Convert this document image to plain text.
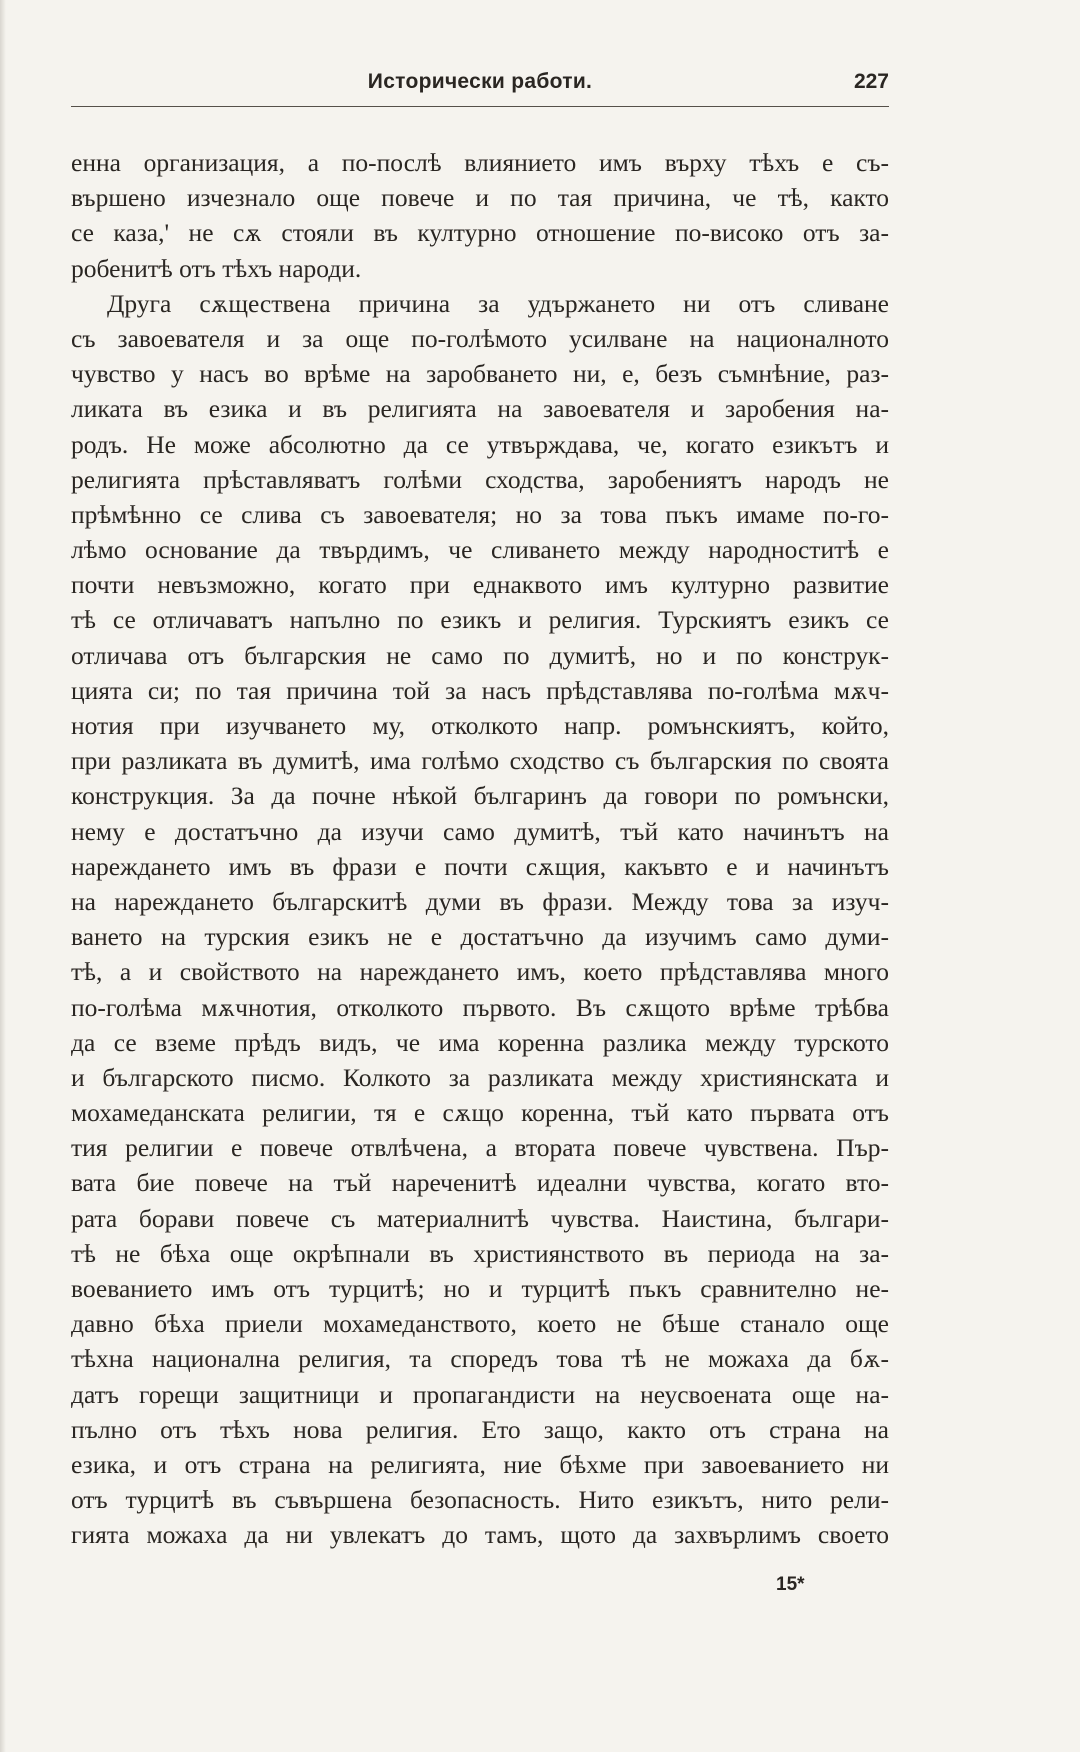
Исторически работи.	227
енна организация, а по-послѣ влиянието имъ върху тѣхъ е съ-
вършено изчезнало още повече и по тая причина, че тѣ, както
се каза,' не сѫ стояли въ културно отношение по-високо отъ за-
робенитѣ отъ тѣхъ народи.
Друга сѫществена причина за удържането ни отъ сливане
съ завоевателя и за още по-голѣмото усилване на националното
чувство у насъ во врѣме на заробването ни, е, безъ съмнѣние, раз-
ликата въ езика и въ религията на завоевателя и заробения на-
родъ. Не може абсолютно да се утвърждава, че, когато езикътъ и
религията прѣставляватъ голѣми сходства, заробениятъ народъ не
прѣмѣнно се слива съ завоевателя; но за това пъкъ имаме по-го-
лѣмо основание да твърдимъ, че сливането между народноститѣ е
почти невъзможно, когато при еднаквото имъ културно развитие
тѣ се отличаватъ напълно по езикъ и религия. Турскиятъ езикъ се
отличава отъ българския не само по думитѣ, но и по конструк-
цията си; по тая причина той за насъ прѣдставлява по-голѣма мѫч-
нотия при изучването му, отколкото напр. ромънскиятъ, който,
при разликата въ думитѣ, има голѣмо сходство съ българския по своята
конструкция. За да почне нѣкой българинъ да говори по ромънски,
нему е достатъчно да изучи само думитѣ, тъй като начинътъ на
нареждането имъ въ фрази е почти сѫщия, какъвто е и начинътъ
на нареждането българскитѣ думи въ фрази. Между това за изуч-
ването на турския езикъ не е достатъчно да изучимъ само думи-
тѣ, а и свойството на нареждането имъ, което прѣдставлява много
по-голѣма мѫчнотия, отколкото първото. Въ сѫщото врѣме трѣбва
да се вземе прѣдъ видъ, че има коренна разлика между турското
и българското писмо. Колкото за разликата между християнската и
мохамеданската религии, тя е сѫщо коренна, тъй като първата отъ
тия религии е повече отвлѣчена, а втората повече чувствена. Пър-
вата бие повече на тъй нареченитѣ идеални чувства, когато вто-
рата борави повече съ материалнитѣ чувства. Наистина, българи-
тѣ не бѣха още окрѣпнали въ християнството въ периода на за-
воеванието имъ отъ турцитѣ; но и турцитѣ пъкъ сравнително не-
давно бѣха приели мохамеданството, което не бѣше станало още
тѣхна национална религия, та споредъ това тѣ не можаха да бѫ-
датъ горещи защитници и пропагандисти на неусвоената още на-
пълно отъ тѣхъ нова религия. Ето защо, както отъ страна на
езика, и отъ страна на религията, ние бѣхме при завоеванието ни
отъ турцитѣ въ съвършена безопасность. Нито езикътъ, нито рели-
гията можаха да ни увлекатъ до тамъ, щото да захвърлимъ своето
15*
